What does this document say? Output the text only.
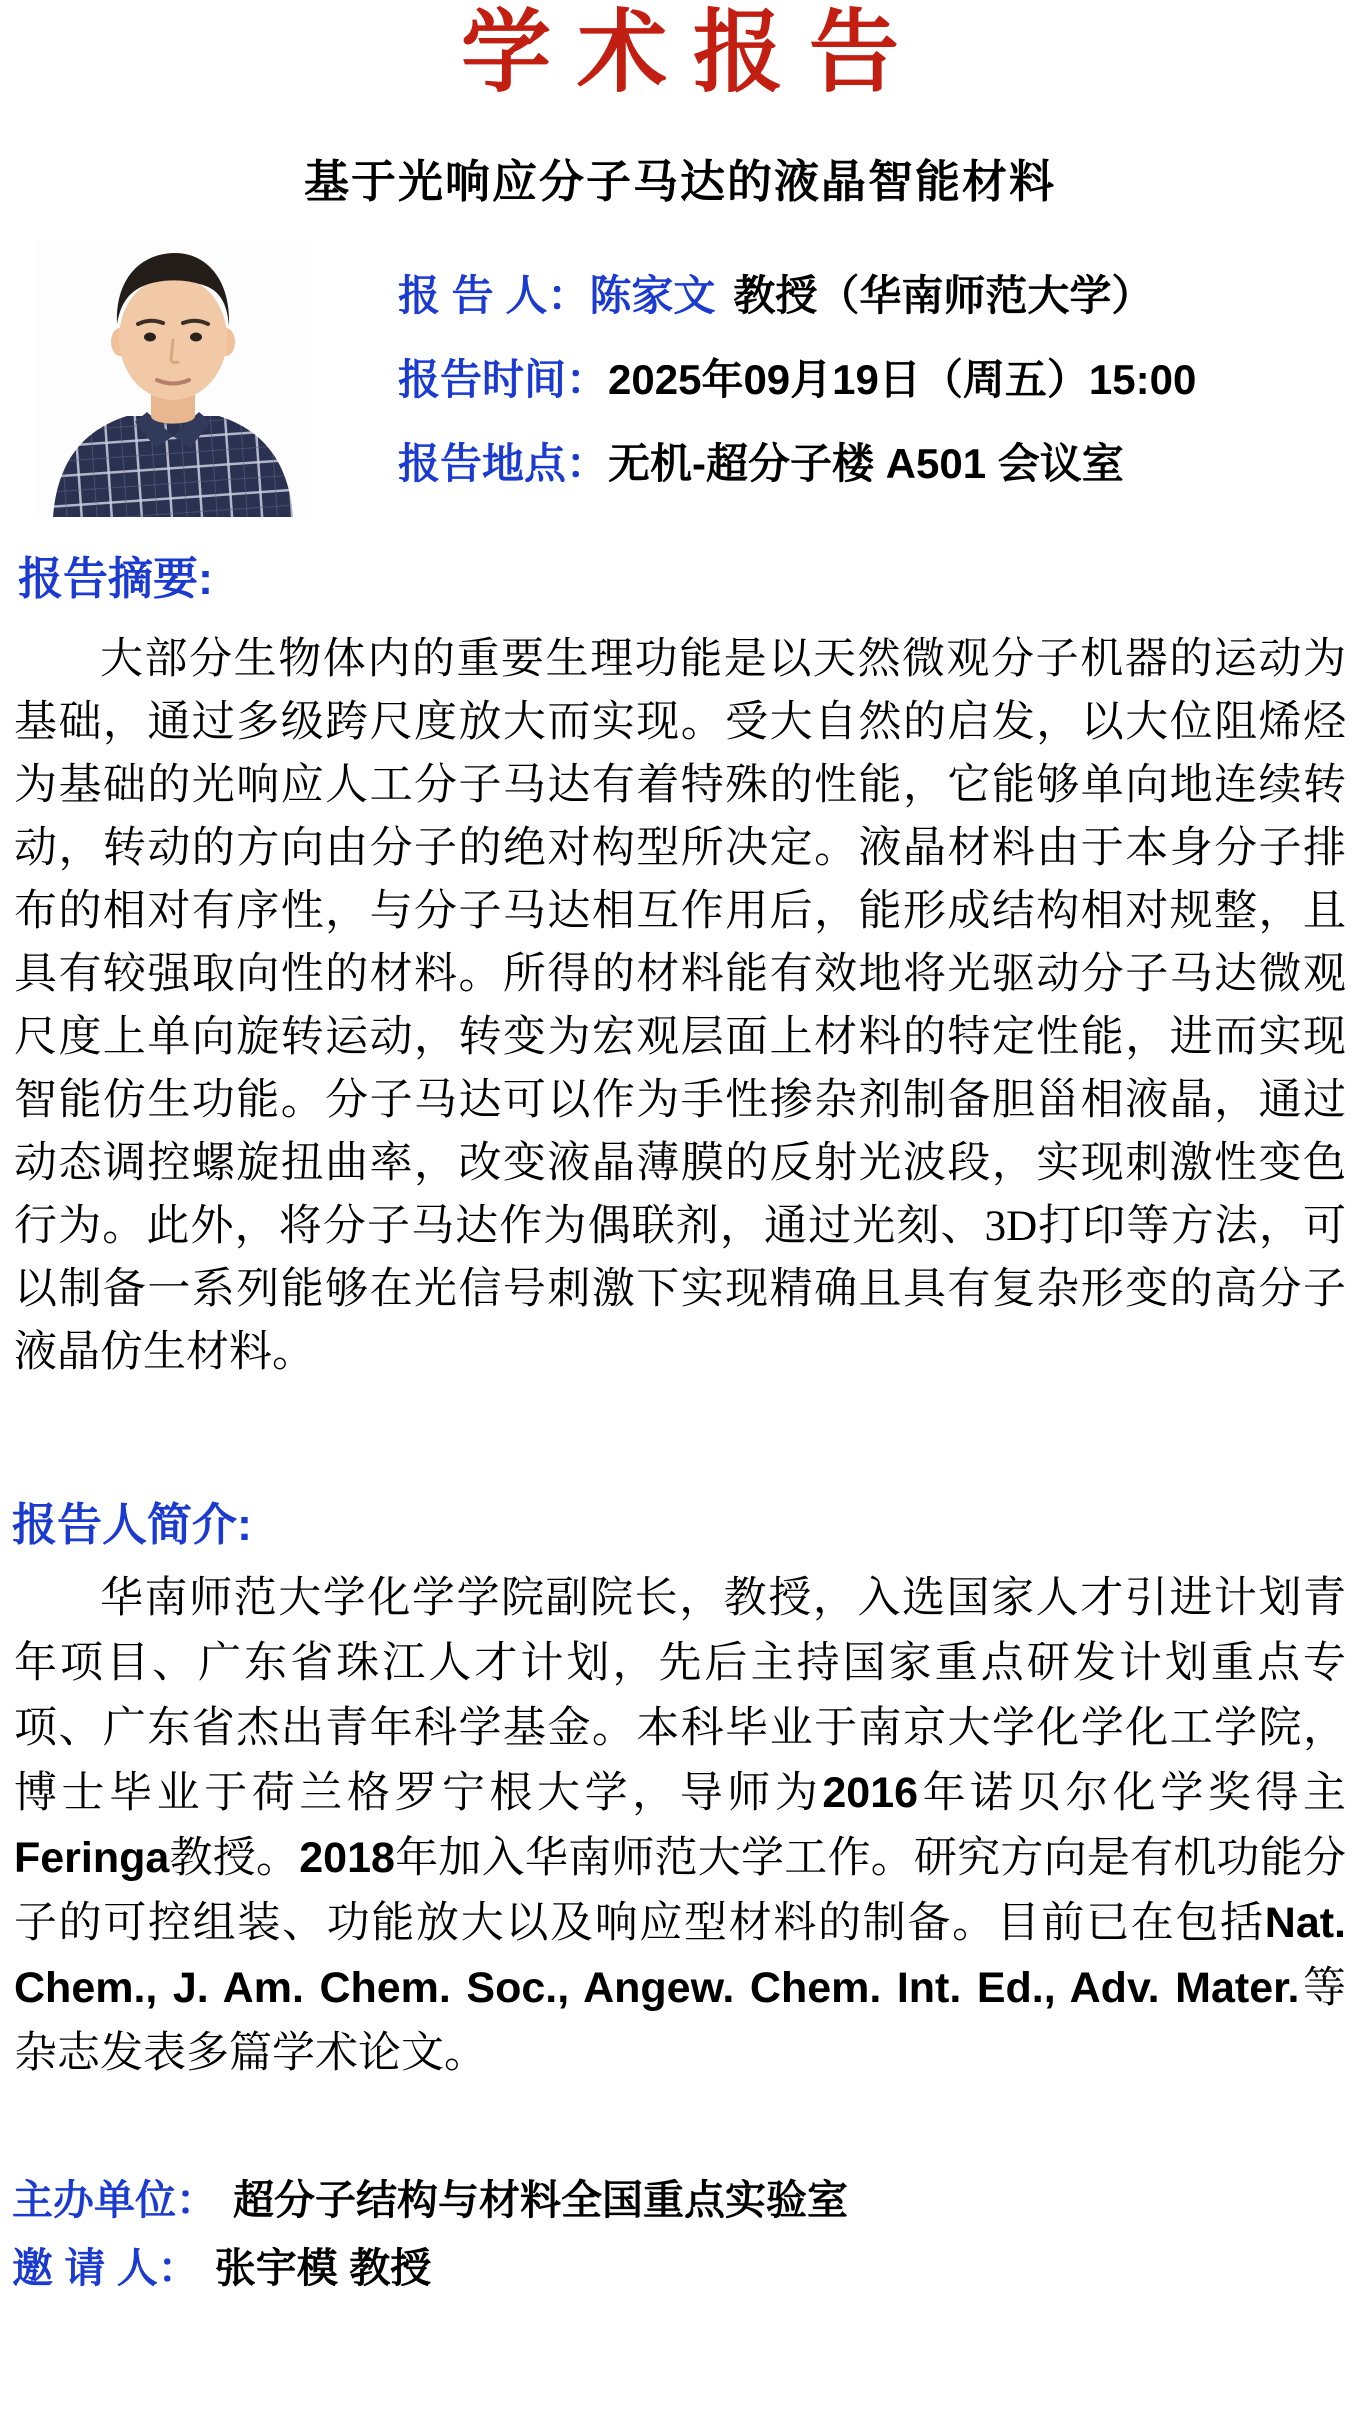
学术报告
基于光响应分子马达的液晶智能材料
报 告 人： 陈家文 教授（华南师范大学）
报告时间： 2025年09月19日（周五）15:00
报告地点： 无机-超分子楼 A501 会议室
报告摘要:
大部分生物体内的重要生理功能是以天然微观分子机器的运动为基础，通过多级跨尺度放大而实现。受大自然的启发，以大位阻烯烃为基础的光响应人工分子马达有着特殊的性能，它能够单向地连续转动，转动的方向由分子的绝对构型所决定。液晶材料由于本身分子排布的相对有序性，与分子马达相互作用后，能形成结构相对规整，且具有较强取向性的材料。所得的材料能有效地将光驱动分子马达微观尺度上单向旋转运动，转变为宏观层面上材料的特定性能，进而实现智能仿生功能。分子马达可以作为手性掺杂剂制备胆甾相液晶，通过动态调控螺旋扭曲率，改变液晶薄膜的反射光波段，实现刺激性变色行为。此外，将分子马达作为偶联剂，通过光刻、3D打印等方法，可以制备一系列能够在光信号刺激下实现精确且具有复杂形变的高分子液晶仿生材料。
报告人简介:
华南师范大学化学学院副院长，教授，入选国家人才引进计划青年项目、广东省珠江人才计划，先后主持国家重点研发计划重点专项、广东省杰出青年科学基金。本科毕业于南京大学化学化工学院，博士毕业于荷兰格罗宁根大学，导师为2016年诺贝尔化学奖得主Feringa教授。2018年加入华南师范大学工作。研究方向是有机功能分子的可控组装、功能放大以及响应型材料的制备。目前已在包括Nat. Chem., J. Am. Chem. Soc., Angew. Chem. Int. Ed., Adv. Mater.等杂志发表多篇学术论文。
主办单位： 超分子结构与材料全国重点实验室
邀 请 人： 张宇模 教授
